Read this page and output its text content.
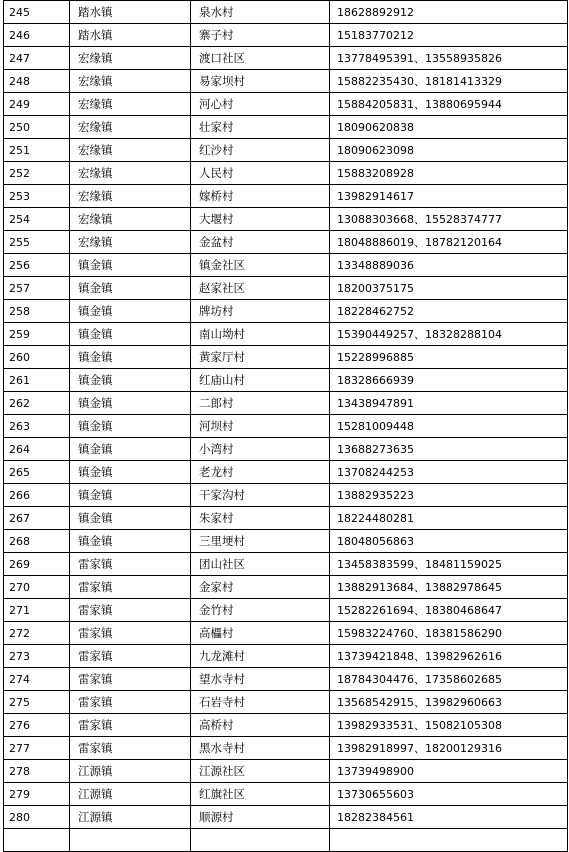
245	踏水镇	泉水村	18628892912
246	踏水镇	寨子村	15183770212
247	宏缘镇	渡口社区	13778495391、13558935826
248	宏缘镇	易家坝村	15882235430、18181413329
249	宏缘镇	河心村	15884205831、13880695944
250	宏缘镇	壮家村	18090620838
251	宏缘镇	红沙村	18090623098
252	宏缘镇	人民村	15883208928
253	宏缘镇	嫁桥村	13982914617
254	宏缘镇	大堰村	13088303668、15528374777
255	宏缘镇	金盆村	18048886019、18782120164
256	镇金镇	镇金社区	13348889036
257	镇金镇	赵家社区	18200375175
258	镇金镇	牌坊村	18228462752
259	镇金镇	南山坳村	15390449257、18328288104
260	镇金镇	黄家厅村	15228996885
261	镇金镇	红庙山村	18328666939
262	镇金镇	二郎村	13438947891
263	镇金镇	河坝村	15281009448
264	镇金镇	小湾村	13688273635
265	镇金镇	老龙村	13708244253
266	镇金镇	干家沟村	13882935223
267	镇金镇	朱家村	18224480281
268	镇金镇	三里埂村	18048056863
269	雷家镇	团山社区	13458383599、18481159025
270	雷家镇	金家村	13882913684、13882978645
271	雷家镇	金竹村	15282261694、18380468647
272	雷家镇	高櫑村	15983224760、18381586290
273	雷家镇	九龙滩村	13739421848、13982962616
274	雷家镇	望水寺村	18784304476、17358602685
275	雷家镇	石岩寺村	13568542915、13982960663
276	雷家镇	高桥村	13982933531、15082105308
277	雷家镇	黑水寺村	13982918997、18200129316
278	江源镇	江源社区	13739498900
279	江源镇	红旗社区	13730655603
280	江源镇	顺源村	18282384561
